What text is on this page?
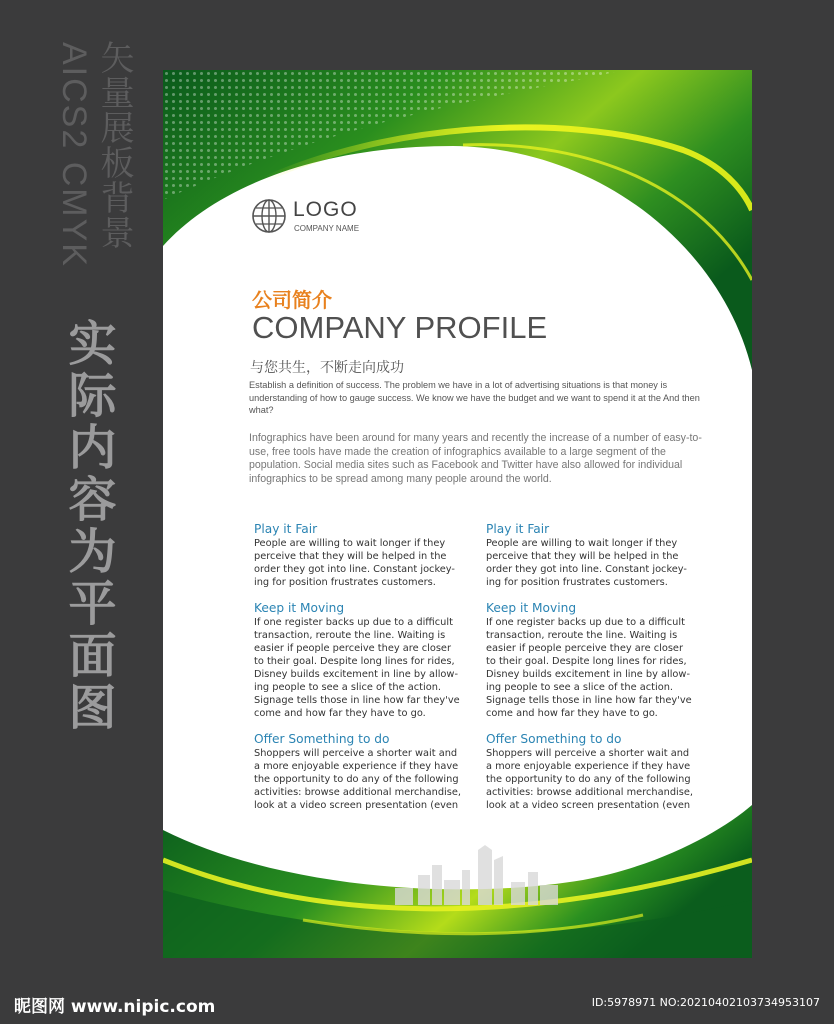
矢量展板背景
AICS2 CMYK
实际内容为平面图
LOGO
COMPANY NAME
公司简介
COMPANY PROFILE
与您共生，不断走向成功
Establish a definition of success. The problem we have in a lot of advertising situations is that money is understanding of how to gauge success. We know we have the budget and we want to spend it at the And then what?
Infographics have been around for many years and recently the increase of a number of easy-to-use, free tools have made the creation of infographics available to a large segment of the population. Social media sites such as Facebook and Twitter have also allowed for individual infographics to be spread among many people around the world.
Play it Fair

People are willing to wait longer if they
perceive that they will be helped in the
order they got into line. Constant jockey-
ing for position frustrates customers.

Keep it Moving

If one register backs up due to a difficult
transaction, reroute the line. Waiting is
easier if people perceive they are closer
to their goal. Despite long lines for rides,
Disney builds excitement in line by allow-
ing people to see a slice of the action.
Signage tells those in line how far they've
come and how far they have to go.

Offer Something to do

Shoppers will perceive a shorter wait and
a more enjoyable experience if they have
the opportunity to do any of the following
activities: browse additional merchandise,
look at a video screen presentation (even

Play it Fair

People are willing to wait longer if they
perceive that they will be helped in the
order they got into line. Constant jockey-
ing for position frustrates customers.

Keep it Moving

If one register backs up due to a difficult
transaction, reroute the line. Waiting is
easier if people perceive they are closer
to their goal. Despite long lines for rides,
Disney builds excitement in line by allow-
ing people to see a slice of the action.
Signage tells those in line how far they've
come and how far they have to go.

Offer Something to do

Shoppers will perceive a shorter wait and
a more enjoyable experience if they have
the opportunity to do any of the following
activities: browse additional merchandise,
look at a video screen presentation (even

昵图网 www.nipic.com	ID:5978971 NO:20210402103734953107
